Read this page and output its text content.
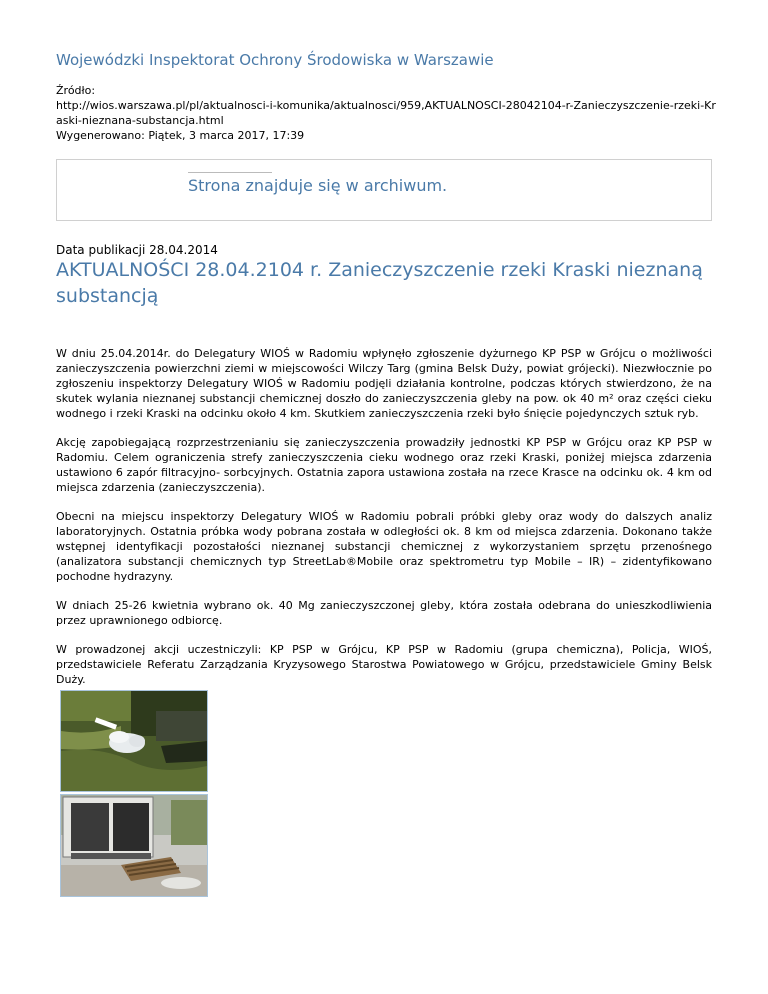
Wojewódzki Inspektorat Ochrony Środowiska w Warszawie
Źródło:
http://wios.warszawa.pl/pl/aktualnosci-i-komunika/aktualnosci/959,AKTUALNOSCI-28042104-r-Zanieczyszczenie-rzeki-Kraski-nieznana-substancja.html
Wygenerowano: Piątek, 3 marca 2017, 17:39
Strona znajduje się w archiwum.
Data publikacji 28.04.2014
AKTUALNOŚCI 28.04.2104 r. Zanieczyszczenie rzeki Kraski nieznaną substancją

W dniu 25.04.2014r. do Delegatury WIOŚ w Radomiu wpłynęło zgłoszenie dyżurnego KP PSP w Grójcu o możliwości zanieczyszczenia powierzchni ziemi w miejscowości Wilczy Targ (gmina Belsk Duży, powiat grójecki). Niezwłocznie po zgłoszeniu inspektorzy Delegatury WIOŚ w Radomiu podjęli działania kontrolne, podczas których stwierdzono, że na skutek wylania nieznanej substancji chemicznej doszło do zanieczyszczenia gleby na pow. ok 40 m² oraz części cieku wodnego i rzeki Kraski na odcinku około 4 km. Skutkiem zanieczyszczenia rzeki było śnięcie pojedynczych sztuk ryb.

Akcję zapobiegającą rozprzestrzenianiu się zanieczyszczenia prowadziły jednostki KP PSP w Grójcu oraz KP PSP w Radomiu. Celem ograniczenia strefy zanieczyszczenia cieku wodnego oraz rzeki Kraski, poniżej miejsca zdarzenia ustawiono 6 zapór filtracyjno- sorbcyjnych. Ostatnia zapora ustawiona została na rzece Krasce na odcinku ok. 4 km od miejsca zdarzenia (zanieczyszczenia).

Obecni na miejscu inspektorzy Delegatury WIOŚ w Radomiu pobrali próbki gleby oraz wody do dalszych analiz laboratoryjnych. Ostatnia próbka wody pobrana została w odległości ok. 8 km od miejsca zdarzenia. Dokonano także wstępnej identyfikacji pozostałości nieznanej substancji chemicznej z wykorzystaniem sprzętu przenośnego (analizatora substancji chemicznych typ StreetLab®Mobile oraz spektrometru typ Mobile – IR) – zidentyfikowano pochodne hydrazyny.

W dniach 25-26 kwietnia wybrano ok. 40 Mg zanieczyszczonej gleby, która została odebrana do unieszkodliwienia przez uprawnionego odbiorcę.

W prowadzonej akcji uczestniczyli: KP PSP w Grójcu, KP PSP w Radomiu (grupa chemiczna), Policja, WIOŚ, przedstawiciele Referatu Zarządzania Kryzysowego Starostwa Powiatowego w Grójcu, przedstawiciele Gminy Belsk Duży.
